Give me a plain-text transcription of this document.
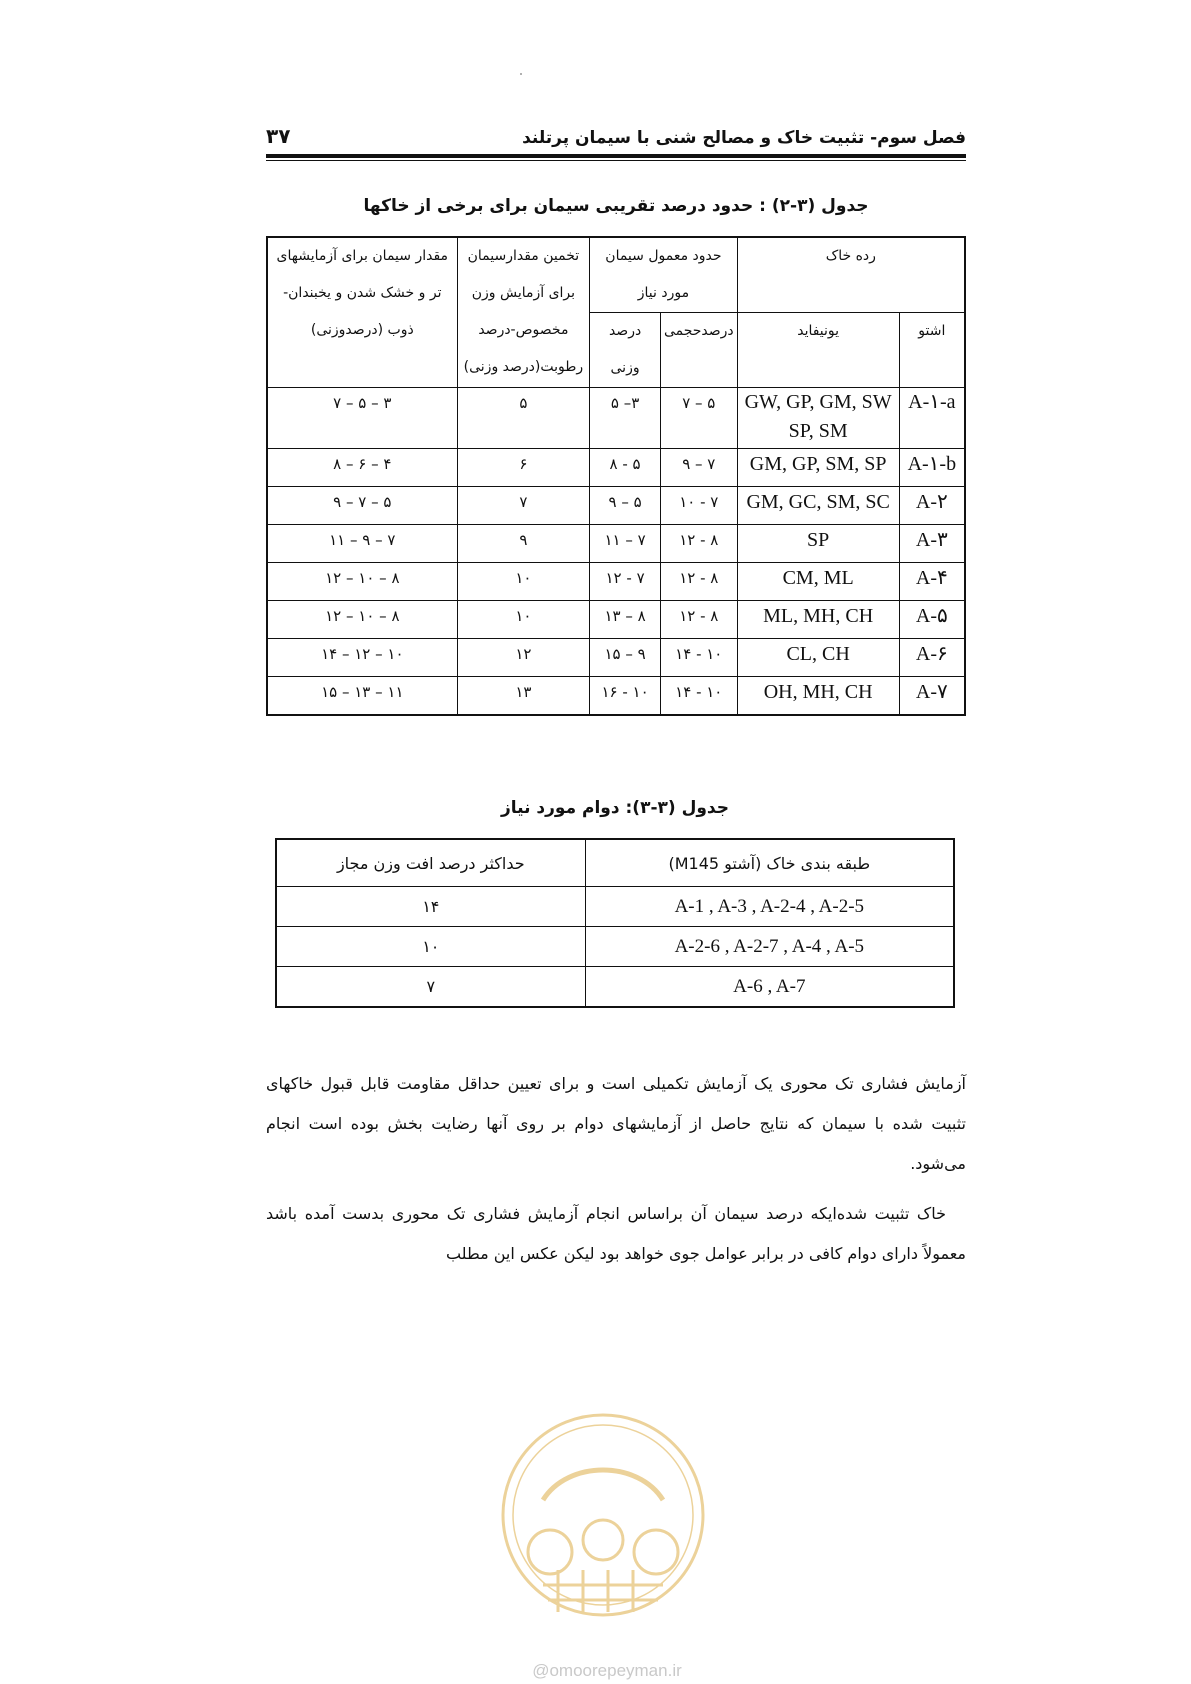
فصل سوم- تثبیت خاک و مصالح شنی با سیمان پرتلند
۳۷
جدول (۳-۲) : حدود درصد تقریبی سیمان برای برخی از خاکها
رده خاک		حدود معمول سیمان مورد نیاز		تخمین مقدارسیمان برای آزمایش وزن مخصوص-درصد رطوبت(درصد وزنی)	مقدار سیمان برای آزمایشهای تر و خشک شدن و یخبندان-ذوب (درصدوزنی)

اشتو	یونیفاید	درصدحجمی	درصد وزنی		

A-۱-a	GW, GP, GM, SW SP, SM	۵ – ۷	۳– ۵	۵	۳ – ۵ – ۷
A-۱-b	GM, GP, SM, SP	۷ – ۹	۵ - ۸	۶	۴ – ۶ – ۸
A-۲	GM, GC, SM, SC	۷ - ۱۰	۵ – ۹	۷	۵ – ۷ – ۹
A-۳	SP	۸ - ۱۲	۷ – ۱۱	۹	۷ – ۹ – ۱۱
A-۴	CM, ML	۸ - ۱۲	۷ - ۱۲	۱۰	۸ – ۱۰ – ۱۲
A-۵	ML, MH, CH	۸ - ۱۲	۸ – ۱۳	۱۰	۸ – ۱۰ – ۱۲
A-۶	CL, CH	۱۰ - ۱۴	۹ – ۱۵	۱۲	۱۰ – ۱۲ – ۱۴
A-۷	OH, MH, CH	۱۰ - ۱۴	۱۰ - ۱۶	۱۳	۱۱ – ۱۳ – ۱۵
جدول (۳-۳): دوام مورد نیاز
طبقه بندی خاک (آشتو M145)	حداکثر درصد افت وزن مجاز
A-1 , A-3 , A-2-4 , A-2-5	۱۴
A-2-6 , A-2-7 , A-4 , A-5	۱۰
A-6 , A-7	۷

آزمایش فشاری تک محوری یک آزمایش تکمیلی است و برای تعیین حداقل مقاومت قابل قبول خاکهای تثبیت شده با سیمان که نتایج حاصل از آزمایشهای دوام بر روی آنها رضایت بخش بوده است انجام می‌شود.

خاک تثبیت شده‌ایکه درصد سیمان آن براساس انجام آزمایش فشاری تک محوری بدست آمده باشد معمولاً دارای دوام کافی در برابر عوامل جوی خواهد بود لیکن عکس این مطلب

@omoorepeyman.ir
